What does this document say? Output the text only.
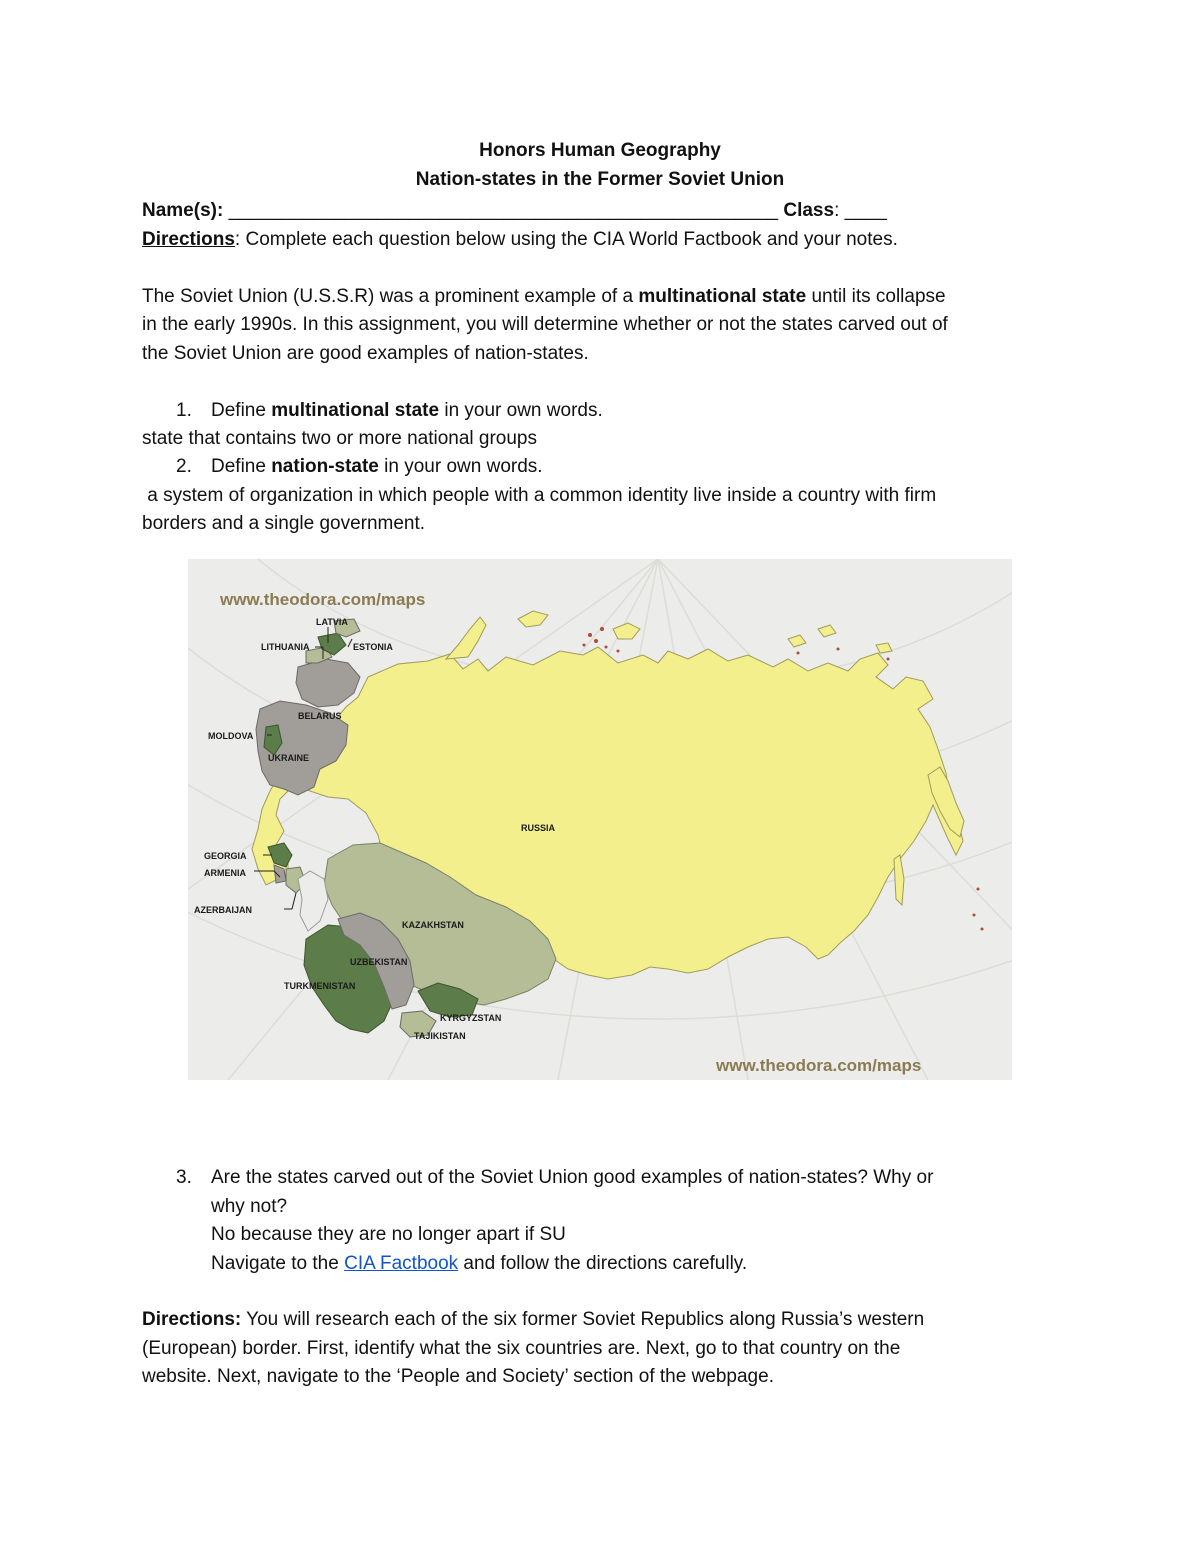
Honors Human Geography
Nation-states in the Former Soviet Union
Name(s): ____________________________________________________ Class: ____
Directions: Complete each question below using the CIA World Factbook and your notes.
The Soviet Union (U.S.S.R) was a prominent example of a multinational state until its collapse
in the early 1990s. In this assignment, you will determine whether or not the states carved out of
the Soviet Union are good examples of nation-states.
1. Define multinational state in your own words.
state that contains two or more national groups
2. Define nation-state in your own words.
a system of organization in which people with a common identity live inside a country with firm
borders and a single government.
www.theodora.com/maps
www.theodora.com/maps
LATVIA
LITHUANIA	ESTONIA
BELARUS
MOLDOVA
UKRAINE
RUSSIA
GEORGIA
ARMENIA
AZERBAIJAN
KAZAKHSTAN
UZBEKISTAN
TURKMENISTAN
KYRGYZSTAN
TAJIKISTAN
3. Are the states carved out of the Soviet Union good examples of nation-states? Why or
why not?
No because they are no longer apart if SU
Navigate to the CIA Factbook and follow the directions carefully.
Directions: You will research each of the six former Soviet Republics along Russia’s western
(European) border. First, identify what the six countries are. Next, go to that country on the
website. Next, navigate to the ‘People and Society’ section of the webpage.
